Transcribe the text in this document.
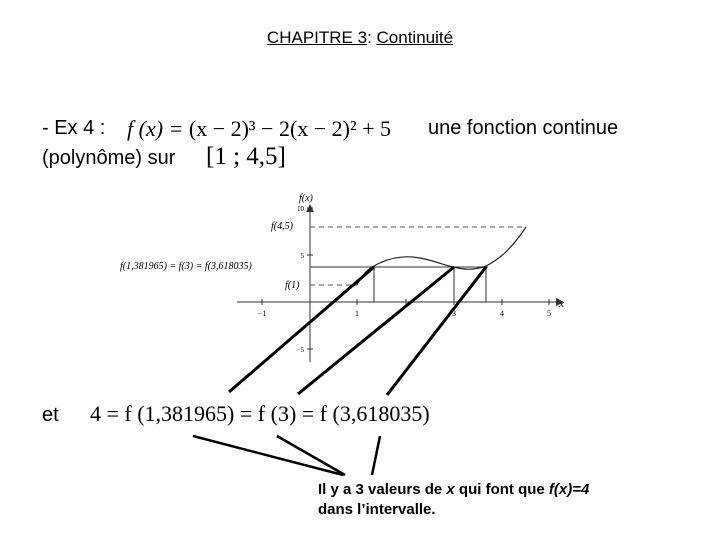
CHAPITRE 3: Continuité
- Ex 4 : f (x) = (x − 2)³ − 2(x − 2)² + 5 une fonction continue
(polynôme) sur [1 ; 4,5]
−1	1	3	4	5
10
5
−5
f(x)
x
f(4,5)
f(1,381965) = f(3) = f(3,618035)
f(1)
et 4 = f (1,381965) = f (3) = f (3,618035)
Il y a 3 valeurs de x qui font que f(x)=4
dans l’intervalle.
